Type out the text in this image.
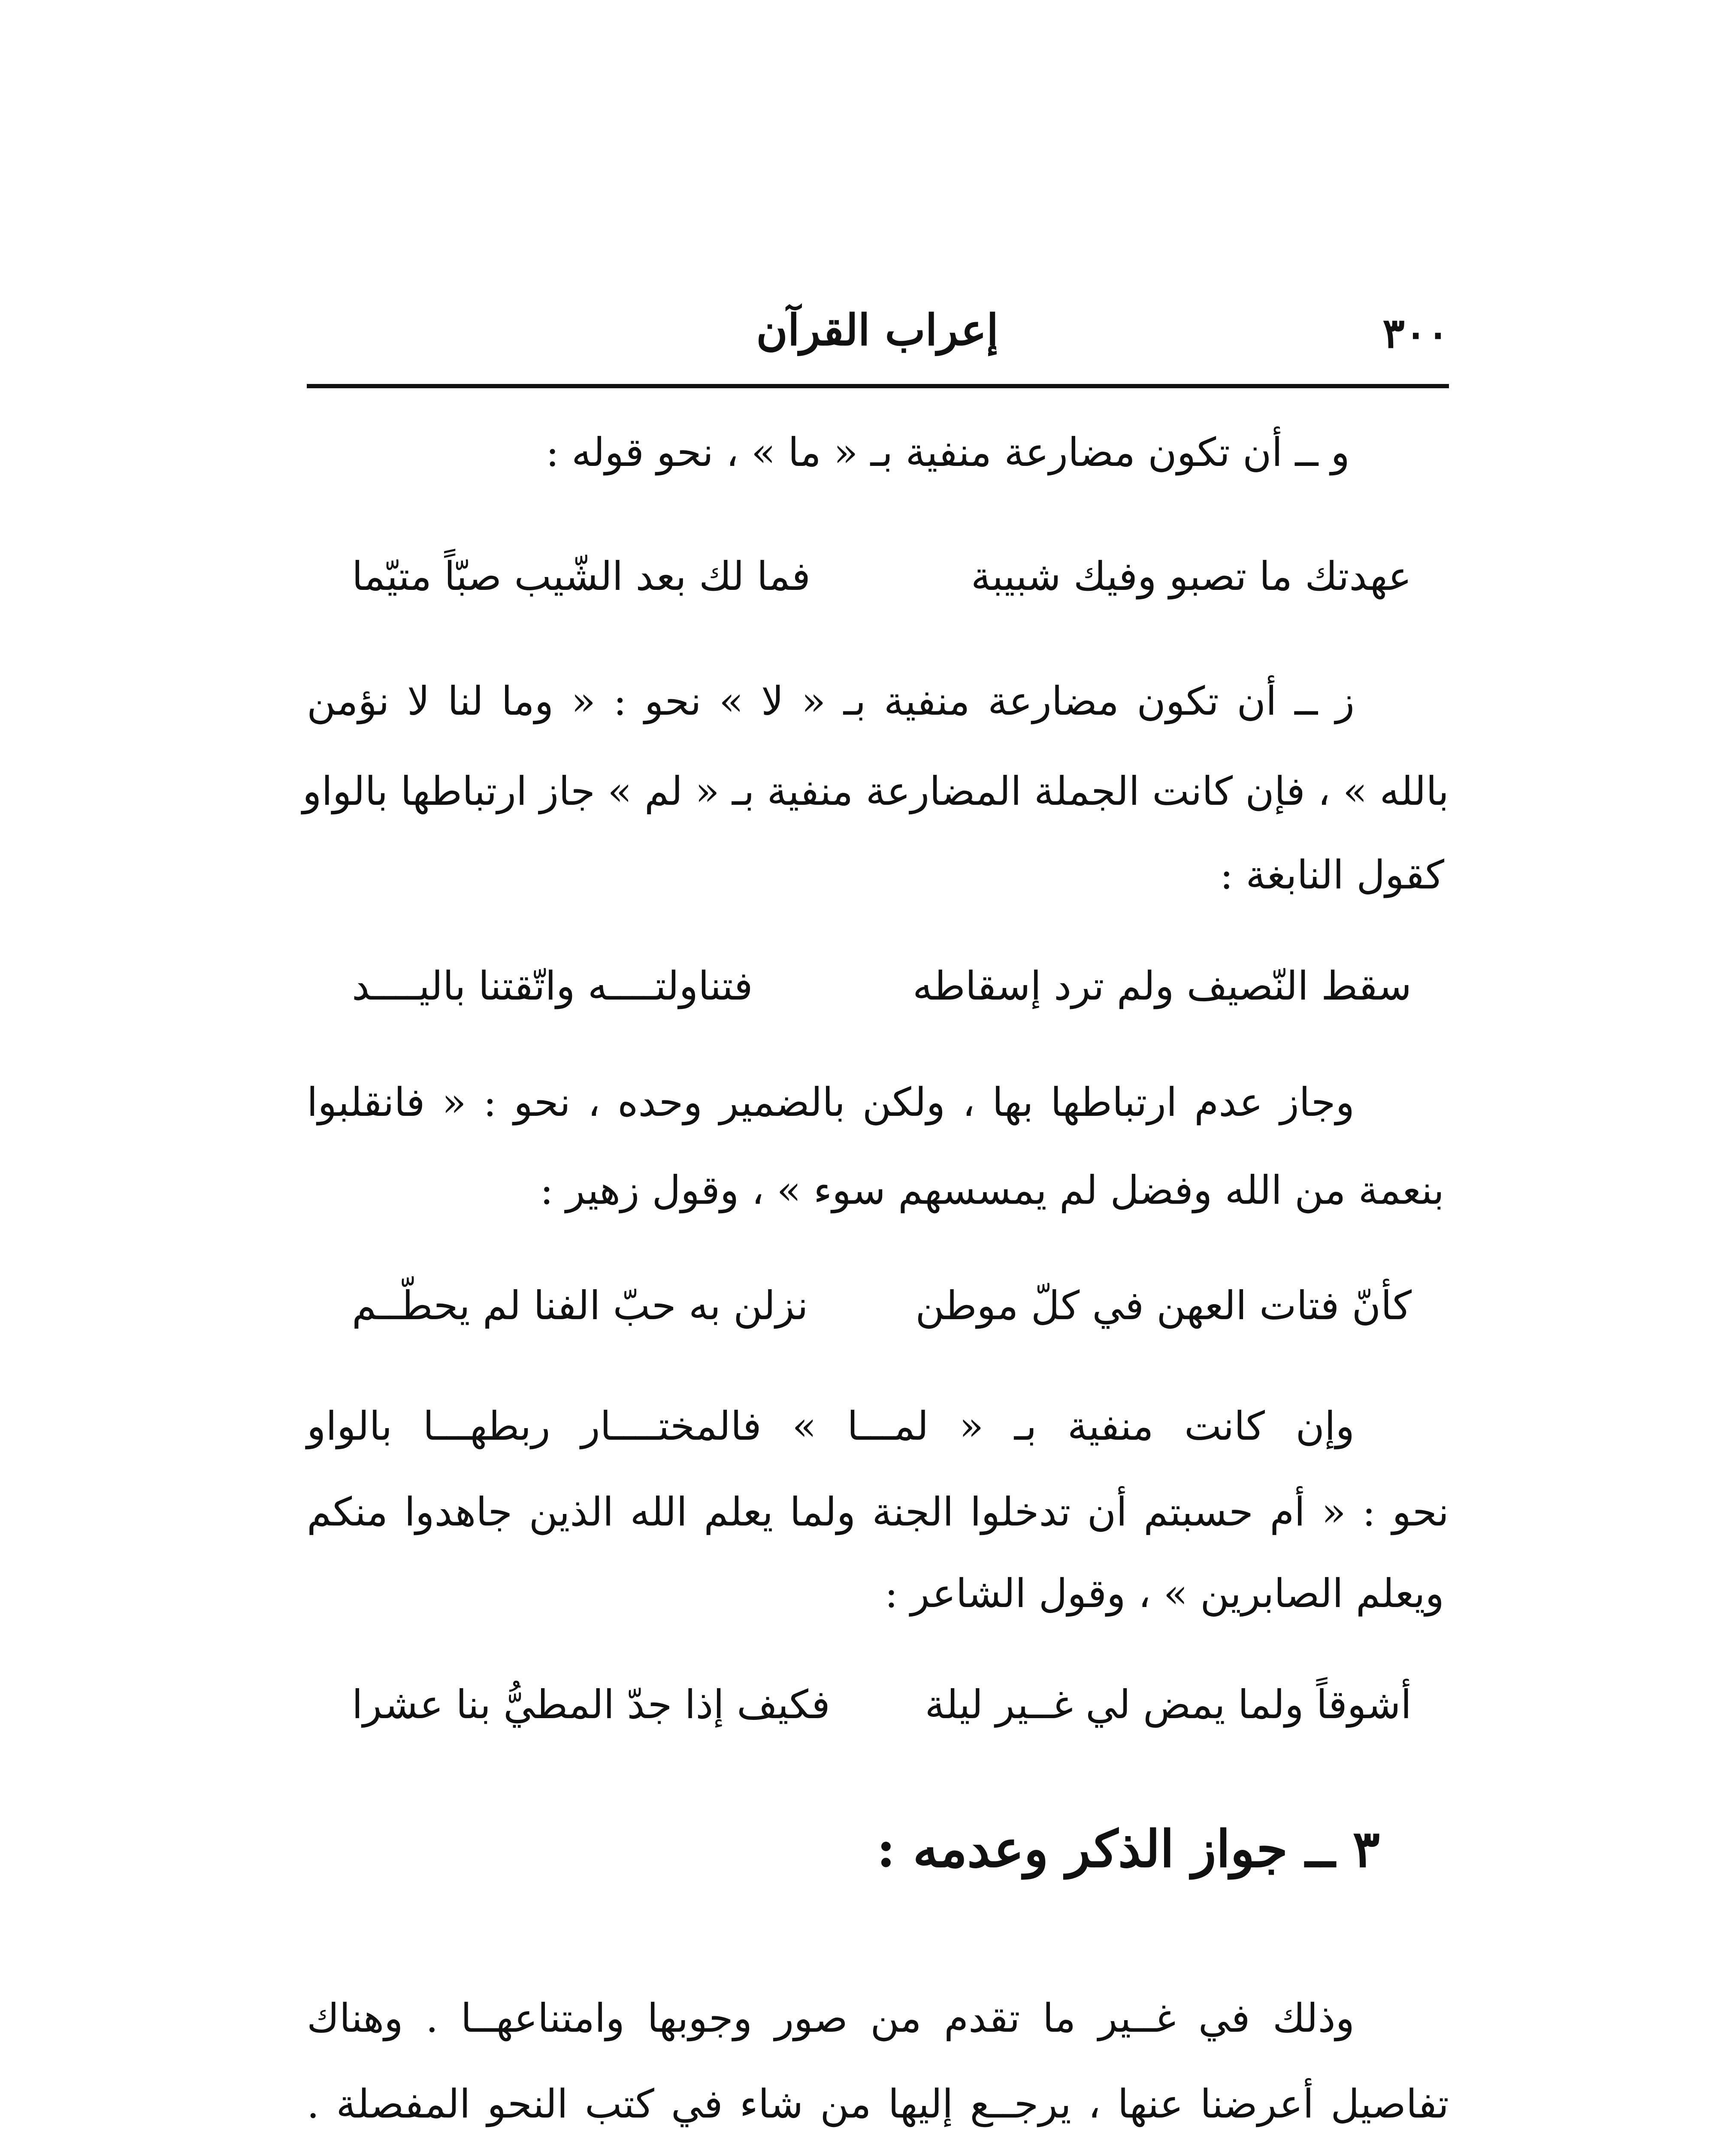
٣٠٠
إعراب القرآن
و ــ أن تكون مضارعة منفية بـ « ما » ، نحو قوله :
عهدتك ما تصبو وفيك شبيبة
فما لك بعد الشّيب صبّاً متيّما
ز ــ أن تكون مضارعة منفية بـ « لا » نحو : « وما لنا لا نؤمن
بالله » ، فإن كانت الجملة المضارعة منفية بـ « لم » جاز ارتباطها بالواو
كقول النابغة :
سقط النّصيف ولم ترد إسقاطه
فتناولتــــه واتّقتنا باليــــد
وجاز عدم ارتباطها بها ، ولكن بالضمير وحده ، نحو : « فانقلبوا
بنعمة من الله وفضل لم يمسسهم سوء » ، وقول زهير :
كأنّ فتات العهن في كلّ موطن
نزلن به حبّ الفنا لم يحطّــم
وإن كانت منفية بـ « لمـــا » فالمختــــار ربطهـــا بالواو
نحو : « أم حسبتم أن تدخلوا الجنة ولما يعلم الله الذين جاهدوا منكم
ويعلم الصابرين » ، وقول الشاعر :
أشوقاً ولما يمض لي غــير ليلة
فكيف إذا جدّ المطيُّ بنا عشرا
٣ ــ جواز الذكر وعدمه :
وذلك في غــير ما تقدم من صور وجوبها وامتناعهــا . وهناك
تفاصيل أعرضنا عنها ، يرجــع إليها من شاء في كتب النحو المفصلة .
